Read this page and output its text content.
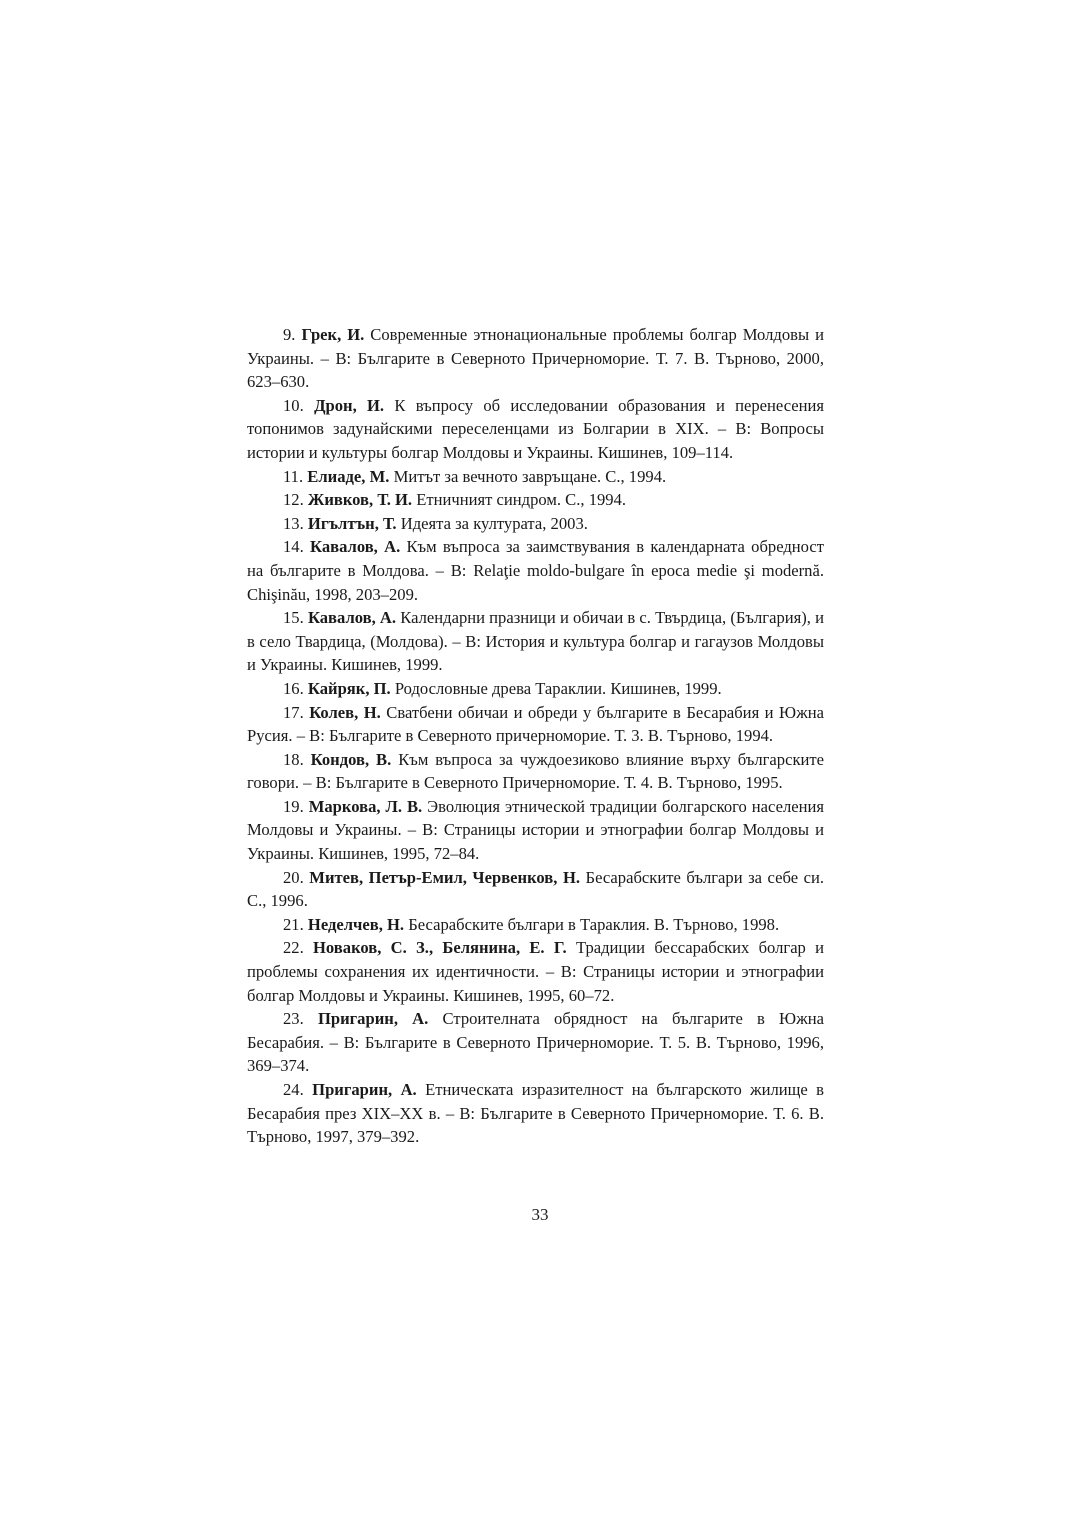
9. Грек, И. Современные этнонациональные проблемы болгар Молдовы и Украины. – В: Българите в Северното Причерноморие. Т. 7. В. Търново, 2000, 623–630.

10. Дрон, И. К въпросу об исследовании образования и перенесения топонимов задунайскими переселенцами из Болгарии в XIX. – В: Вопросы истории и культуры болгар Молдовы и Украины. Кишинев, 109–114.

11. Елиаде, М. Митът за вечното завръщане. С., 1994.

12. Живков, Т. И. Етничният синдром. С., 1994.

13. Игълтън, Т. Идеята за културата, 2003.

14. Кавалов, А. Към въпроса за заимствувания в календарната обредност на българите в Молдова. – В: Relaţie moldo-bulgare în epoca medie şi modernă. Chişinău, 1998, 203–209.

15. Кавалов, А. Календарни празници и обичаи в с. Твърдица, (България), и в село Твардица, (Молдова). – В: История и культура болгар и гагаузов Молдовы и Украины. Кишинев, 1999.

16. Кайряк, П. Родословные древа Тараклии. Кишинев, 1999.

17. Колев, Н. Сватбени обичаи и обреди у българите в Бесарабия и Южна Русия. – В: Българите в Северното причерноморие. Т. 3. В. Търново, 1994.

18. Кондов, В. Към въпроса за чуждоезиково влияние върху българските говори. – В: Българите в Северното Причерноморие. Т. 4. В. Търново, 1995.

19. Маркова, Л. В. Эволюция этнической традиции болгарского населения Молдовы и Украины. – В: Страницы истории и этнографии болгар Молдовы и Украины. Кишинев, 1995, 72–84.

20. Митев, Петър-Емил, Червенков, Н. Бесарабските българи за себе си. С., 1996.

21. Неделчев, Н. Бесарабските българи в Тараклия. В. Търново, 1998.

22. Новаков, С. З., Белянина, Е. Г. Традиции бессарабских болгар и проблемы сохранения их идентичности. – В: Страницы истории и этнографии болгар Молдовы и Украины. Кишинев, 1995, 60–72.

23. Пригарин, А. Строителната обрядност на българите в Южна Бесарабия. – В: Българите в Северното Причерноморие. Т. 5. В. Търново, 1996, 369–374.

24. Пригарин, А. Етническата изразителност на българското жилище в Бесарабия през XIX–XX в. – В: Българите в Северното Причерноморие. Т. 6. В. Търново, 1997, 379–392.

33
